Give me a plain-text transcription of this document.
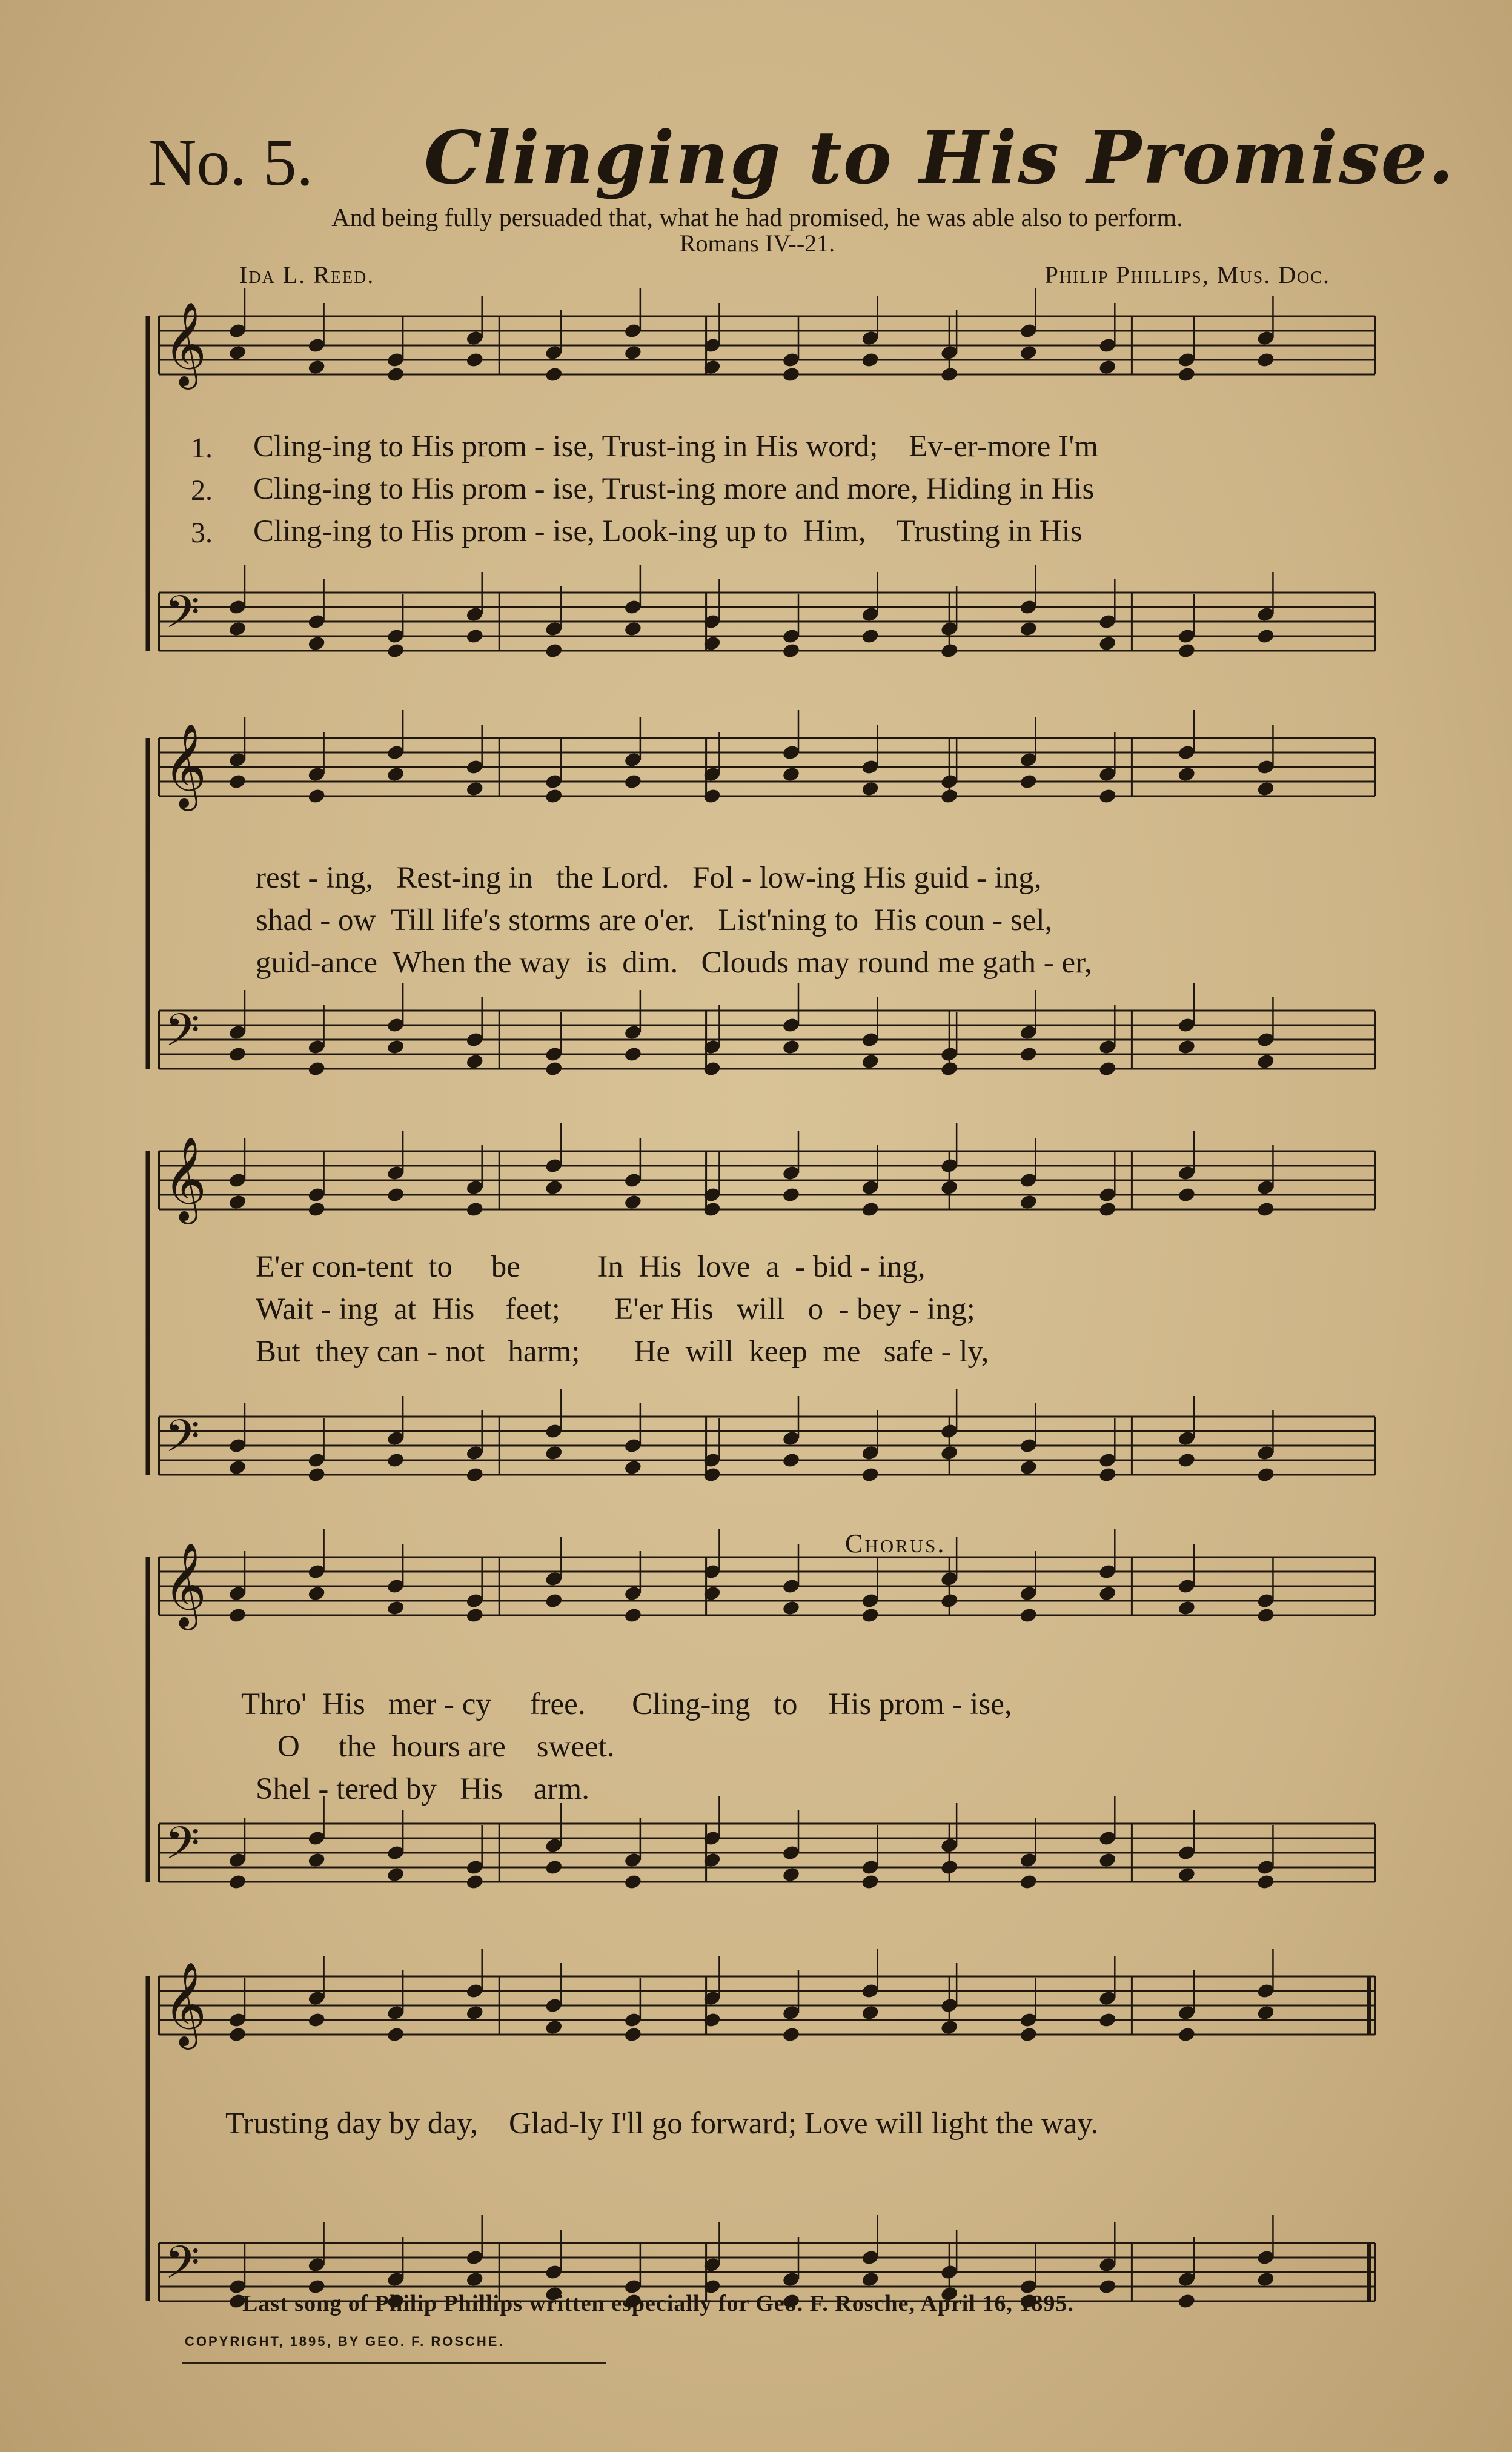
No. 5. Clinging to His Promise.
And being fully persuaded that, what he had promised, he was able also to perform.
Romans IV--21.
Ida L. Reed.	Philip Phillips, Mus. Doc.
Chorus.
𝄞
𝄢
𝄞
𝄢
𝄞
𝄢
𝄞
𝄢
𝄞
𝄢
1. Cling-ing to His prom - ise, Trust-ing in His word;    Ev-er-more I'm
2. Cling-ing to His prom - ise, Trust-ing more and more, Hiding in His
3. Cling-ing to His prom - ise, Look-ing up to  Him,    Trusting in His
rest - ing,   Rest-ing in   the Lord.   Fol - low-ing His guid - ing,
shad - ow  Till life's storms are o'er.   List'ning to  His coun - sel,
guid-ance  When the way  is  dim.   Clouds may round me gath - er,
E'er con-tent  to     be          In  His  love  a  - bid - ing,
Wait - ing  at  His    feet;       E'er His   will   o  - bey - ing;
But  they can - not   harm;       He  will  keep  me   safe - ly,
Thro'  His   mer - cy     free.      Cling-ing   to    His prom - ise,
O     the  hours are    sweet.
Shel - tered by   His    arm.
Trusting day by day,    Glad-ly I'll go forward; Love will light the way.
Last song of Philip Phillips written especially for Geo. F. Rosche, April 16, 1895.
COPYRIGHT, 1895, BY GEO. F. ROSCHE.
